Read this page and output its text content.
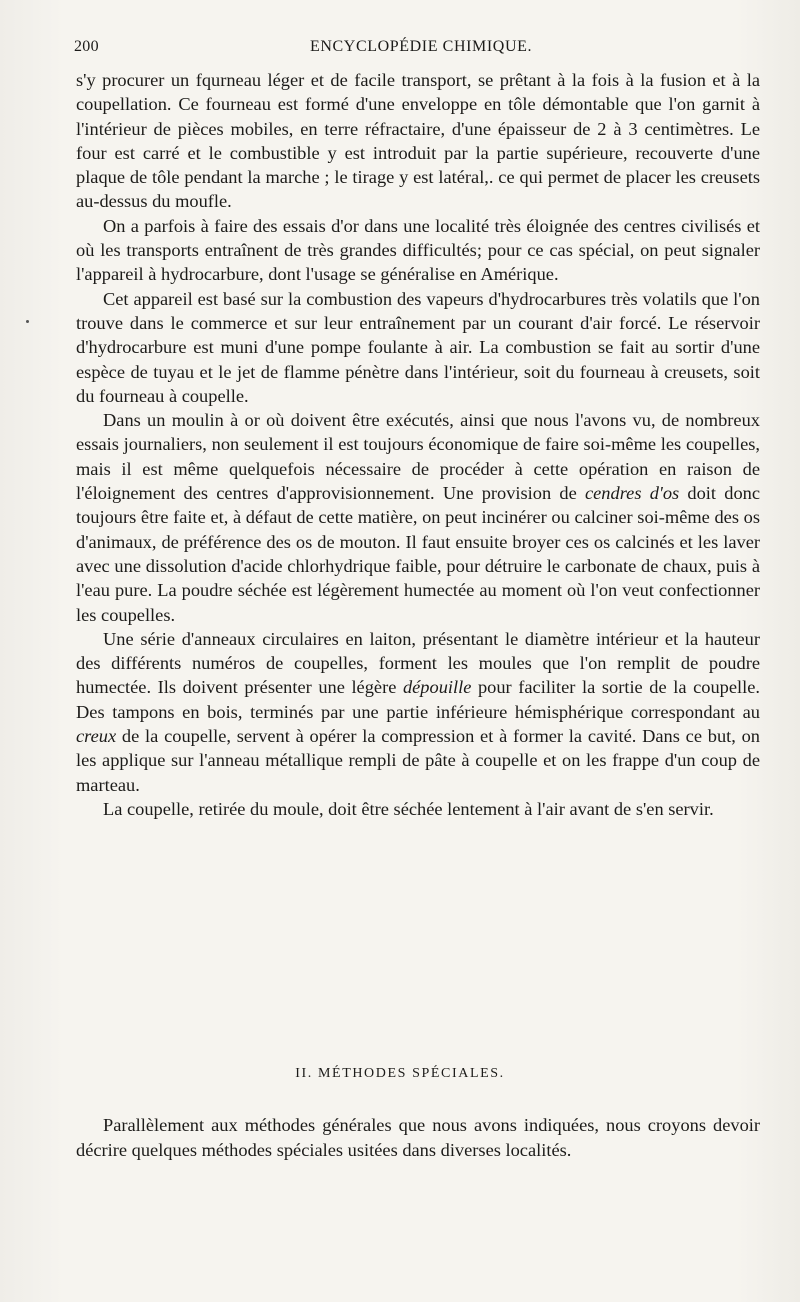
200	ENCYCLOPÉDIE CHIMIQUE.

s'y procurer un fqurneau léger et de facile transport, se prêtant à la fois à la fusion et à la coupellation. Ce fourneau est formé d'une enveloppe en tôle démontable que l'on garnit à l'intérieur de pièces mobiles, en terre réfractaire, d'une épaisseur de 2 à 3 centimètres. Le four est carré et le combustible y est introduit par la partie supérieure, recouverte d'une plaque de tôle pendant la marche ; le tirage y est latéral,. ce qui permet de placer les creusets au-dessus du moufle.

On a parfois à faire des essais d'or dans une localité très éloignée des centres civilisés et où les transports entraînent de très grandes difficultés; pour ce cas spécial, on peut signaler l'appareil à hydrocarbure, dont l'usage se généralise en Amérique.

Cet appareil est basé sur la combustion des vapeurs d'hydrocarbures très volatils que l'on trouve dans le commerce et sur leur entraînement par un courant d'air forcé. Le réservoir d'hydrocarbure est muni d'une pompe foulante à air. La combustion se fait au sortir d'une espèce de tuyau et le jet de flamme pénètre dans l'intérieur, soit du fourneau à creusets, soit du fourneau à coupelle.

Dans un moulin à or où doivent être exécutés, ainsi que nous l'avons vu, de nombreux essais journaliers, non seulement il est toujours économique de faire soi-même les coupelles, mais il est même quelquefois nécessaire de procéder à cette opération en raison de l'éloignement des centres d'approvisionnement. Une provision de cendres d'os doit donc toujours être faite et, à défaut de cette matière, on peut incinérer ou calciner soi-même des os d'animaux, de préférence des os de mouton. Il faut ensuite broyer ces os calcinés et les laver avec une dissolution d'acide chlorhydrique faible, pour détruire le carbonate de chaux, puis à l'eau pure. La poudre séchée est légèrement humectée au moment où l'on veut confectionner les coupelles.

Une série d'anneaux circulaires en laiton, présentant le diamètre intérieur et la hauteur des différents numéros de coupelles, forment les moules que l'on remplit de poudre humectée. Ils doivent présenter une légère dépouille pour faciliter la sortie de la coupelle. Des tampons en bois, terminés par une partie inférieure hémisphérique correspondant au creux de la coupelle, servent à opérer la compression et à former la cavité. Dans ce but, on les applique sur l'anneau métallique rempli de pâte à coupelle et on les frappe d'un coup de marteau.

La coupelle, retirée du moule, doit être séchée lentement à l'air avant de s'en servir.

II. MÉTHODES SPÉCIALES.

Parallèlement aux méthodes générales que nous avons indiquées, nous croyons devoir décrire quelques méthodes spéciales usitées dans diverses localités.
